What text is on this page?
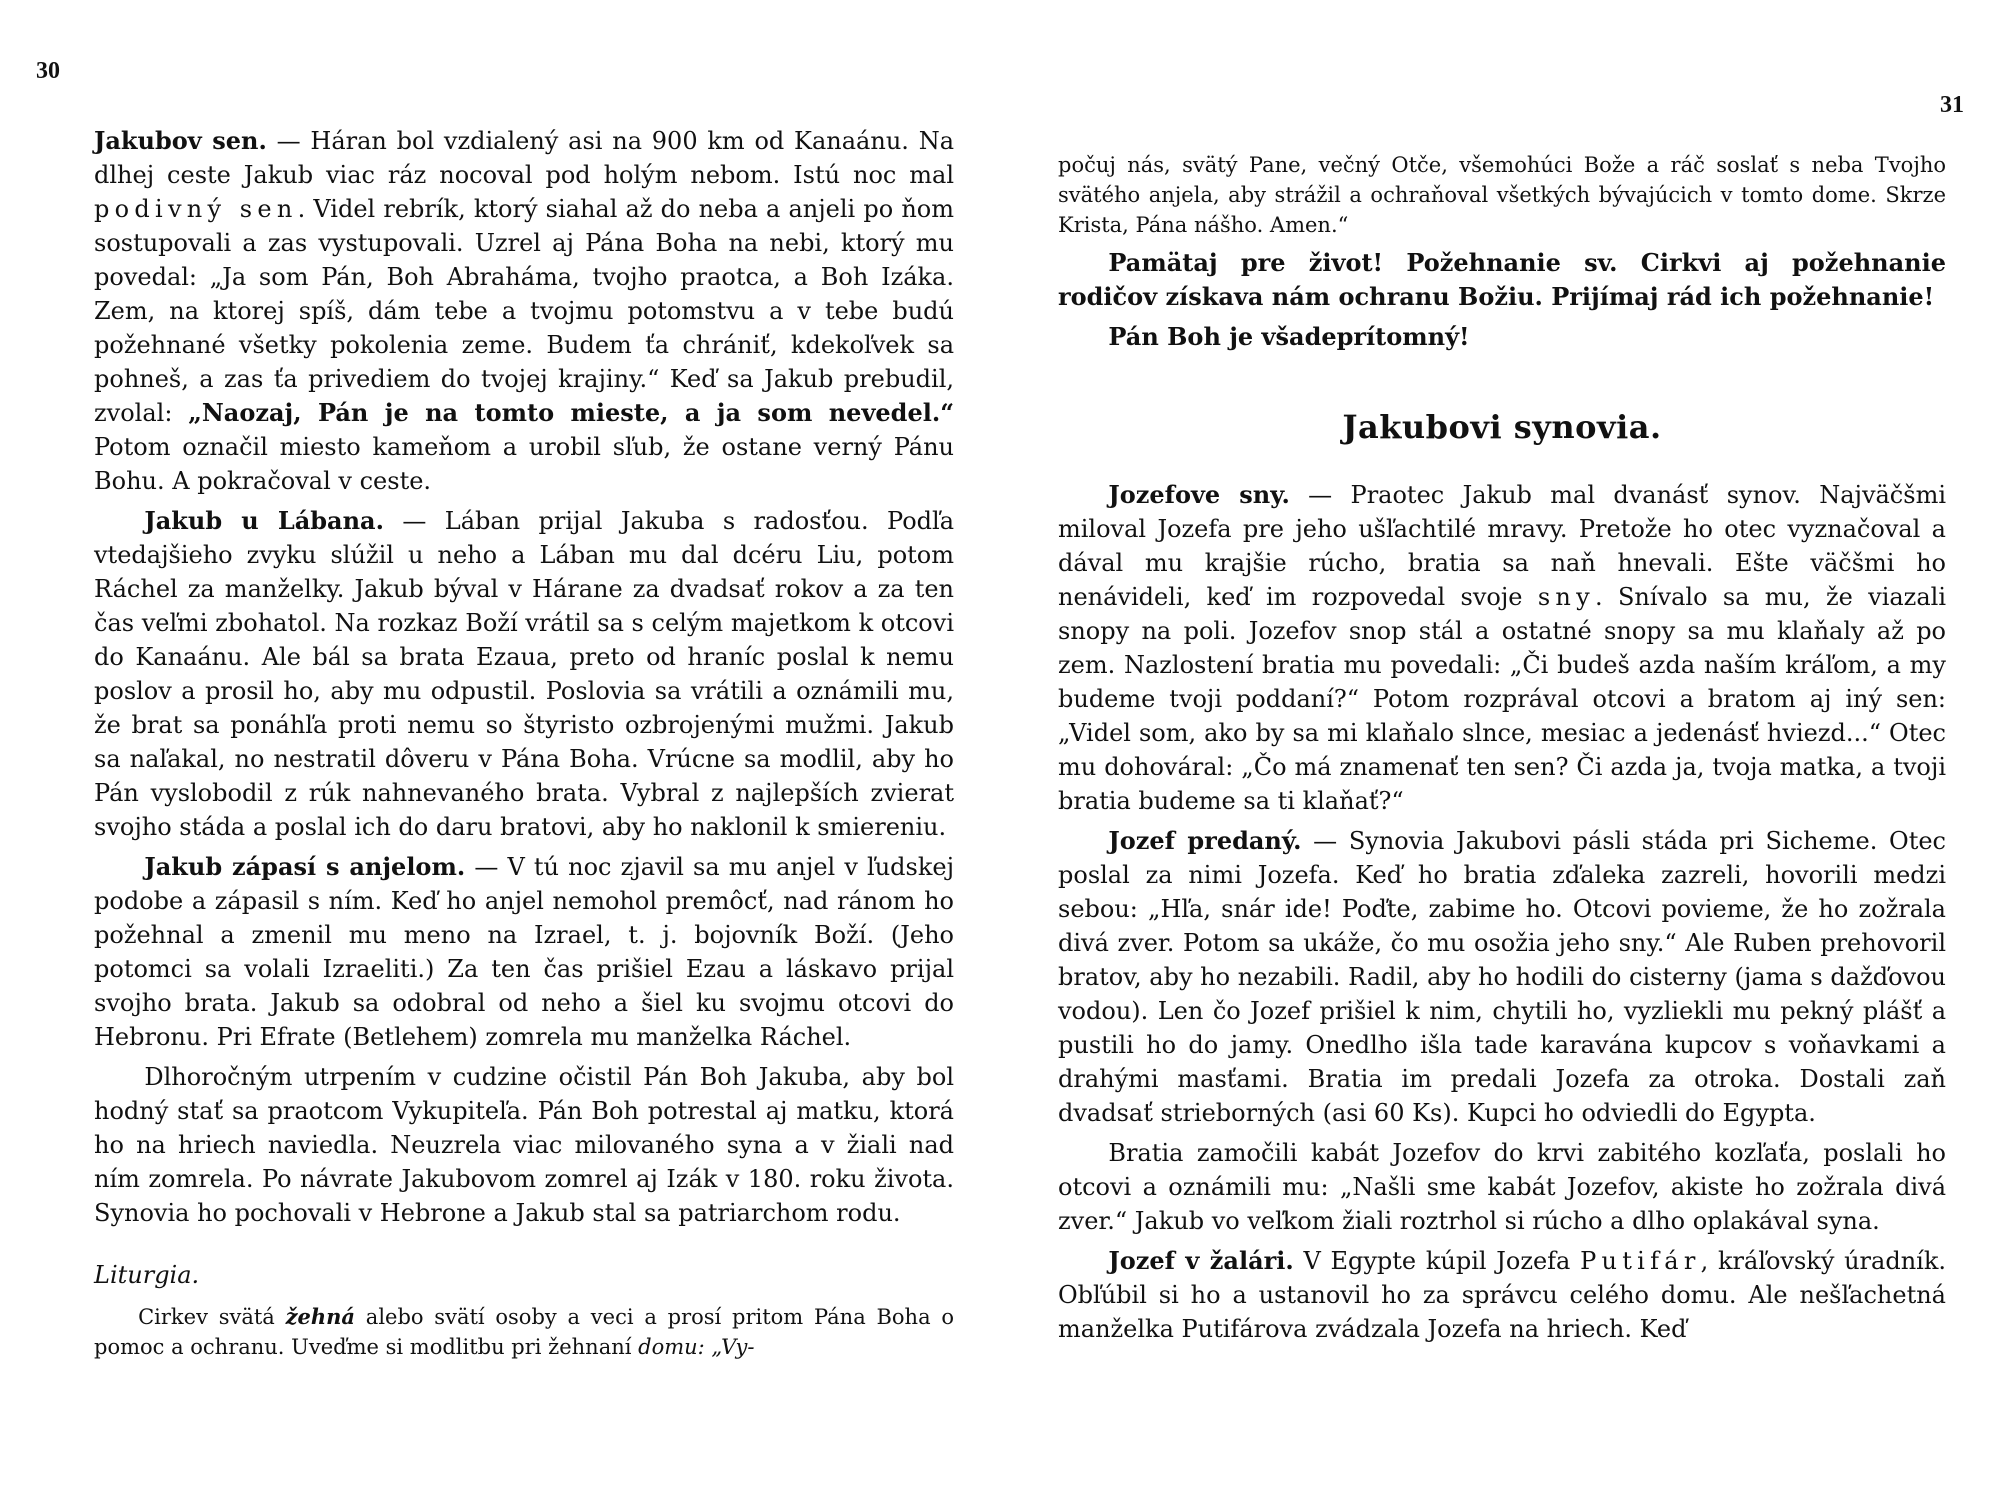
30

Jakubov sen. — Háran bol vzdialený asi na 900 km od Kanaánu. Na dlhej ceste Jakub viac ráz nocoval pod holým nebom. Istú noc mal podivný sen. Videl rebrík, ktorý siahal až do neba a anjeli po ňom sostupovali a zas vystupovali. Uzrel aj Pána Boha na nebi, ktorý mu povedal: „Ja som Pán, Boh Abraháma, tvojho praotca, a Boh Izáka. Zem, na ktorej spíš, dám tebe a tvojmu potomstvu a v tebe budú požehnané všetky pokolenia zeme. Budem ťa chrániť, kdekoľvek sa pohneš, a zas ťa privediem do tvojej krajiny.“ Keď sa Jakub prebudil, zvolal: „Naozaj, Pán je na tomto mieste, a ja som nevedel.“ Potom označil miesto kameňom a urobil sľub, že ostane verný Pánu Bohu. A pokračoval v ceste.

Jakub u Lábana. — Lában prijal Jakuba s radosťou. Podľa vtedajšieho zvyku slúžil u neho a Lában mu dal dcéru Liu, potom Ráchel za manželky. Jakub býval v Háranе za dvadsať rokov a za ten čas veľmi zbohatol. Na rozkaz Boží vrátil sa s celým majetkom k otcovi do Kanaánu. Ale bál sa brata Ezaua, preto od hraníc poslal k nemu poslov a prosil ho, aby mu odpustil. Poslovia sa vrátili a oznámili mu, že brat sa ponáhľa proti nemu so štyristo ozbrojenými mužmi. Jakub sa naľakal, no nestratil dôveru v Pána Boha. Vrúcne sa modlil, aby ho Pán vyslobodil z rúk nahnevaného brata. Vybral z najlepších zvierat svojho stáda a poslal ich do daru bratovi, aby ho naklonil k smiereniu.

Jakub zápasí s anjelom. — V tú noc zjavil sa mu anjel v ľudskej podobe a zápasil s ním. Keď ho anjel nemohol premôcť, nad ránom ho požehnal a zmenil mu meno na Izrael, t. j. bojovník Boží. (Jeho potomci sa volali Izraeliti.) Za ten čas prišiel Ezau a láskavo prijal svojho brata. Jakub sa odobral od neho a šiel ku svojmu otcovi do Hebronu. Pri Efrate (Betlehem) zomrela mu manželka Ráchel.

Dlhoročným utrpením v cudzine očistil Pán Boh Jakuba, aby bol hodný stať sa praotcom Vykupiteľa. Pán Boh potrestal aj matku, ktorá ho na hriech naviedla. Neuzrela viac milovaného syna a v žiali nad ním zomrela. Po návrate Jakubovom zomrel aj Izák v 180. roku života. Synovia ho pochovali v Hebrone a Jakub stal sa patriarchom rodu.

Liturgia.

Cirkev svätá žehná alebo svätí osoby a veci a prosí pritom Pána Boha o pomoc a ochranu. Uveďme si modlitbu pri žehnaní domu: „Vy-

31

počuj nás, svätý Pane, večný Otče, všemohúci Bože a ráč soslať s neba Tvojho svätého anjela, aby strážil a ochraňoval všetkých bývajúcich v tomto dome. Skrze Krista, Pána nášho. Amen.“

Pamätaj pre život! Požehnanie sv. Cirkvi aj požehnanie rodičov získava nám ochranu Božiu. Prijímaj rád ich požehnanie!

Pán Boh je všadeprítomný!

Jakubovi synovia.

Jozefove sny. — Praotec Jakub mal dvanásť synov. Najväčšmi miloval Jozefa pre jeho ušľachtilé mravy. Pretože ho otec vyznačoval a dával mu krajšie rúcho, bratia sa naň hnevali. Ešte väčšmi ho nenávideli, keď im rozpovedal svoje sny. Snívalo sa mu, že viazali snopy na poli. Jozefov snop stál a ostatné snopy sa mu klaňaly až po zem. Nazlostení bratia mu povedali: „Či budeš azda naším kráľom, a my budeme tvoji poddaní?“ Potom rozprával otcovi a bratom aj iný sen: „Videl som, ako by sa mi klaňalo slnce, mesiac a jedenásť hviezd...“ Otec mu dohováral: „Čo má znamenať ten sen? Či azda ja, tvoja matka, a tvoji bratia budeme sa ti klaňať?“

Jozef predaný. — Synovia Jakubovi pásli stáda pri Sicheme. Otec poslal za nimi Jozefa. Keď ho bratia zďaleka zazreli, hovorili medzi sebou: „Hľa, snár ide! Poďte, zabime ho. Otcovi povieme, že ho zožrala divá zver. Potom sa ukáže, čo mu osožia jeho sny.“ Ale Ruben prehovoril bratov, aby ho nezabili. Radil, aby ho hodili do cisterny (jama s dažďovou vodou). Len čo Jozef prišiel k nim, chytili ho, vyzliekli mu pekný plášť a pustili ho do jamy. Onedlho išla tade karavána kupcov s voňavkami a drahými masťami. Bratia im predali Jozefa za otroka. Dostali zaň dvadsať strieborných (asi 60 Ks). Kupci ho odviedli do Egypta.

Bratia zamočili kabát Jozefov do krvi zabitého kozľaťa, poslali ho otcovi a oznámili mu: „Našli sme kabát Jozefov, akiste ho zožrala divá zver.“ Jakub vo veľkom žiali roztrhol si rúcho a dlho oplakával syna.

Jozef v žalári. V Egypte kúpil Jozefa Putifár, kráľovský úradník. Obľúbil si ho a ustanovil ho za správcu celého domu. Ale nešľachetná manželka Putifárova zvádzala Jozefa na hriech. Keď
